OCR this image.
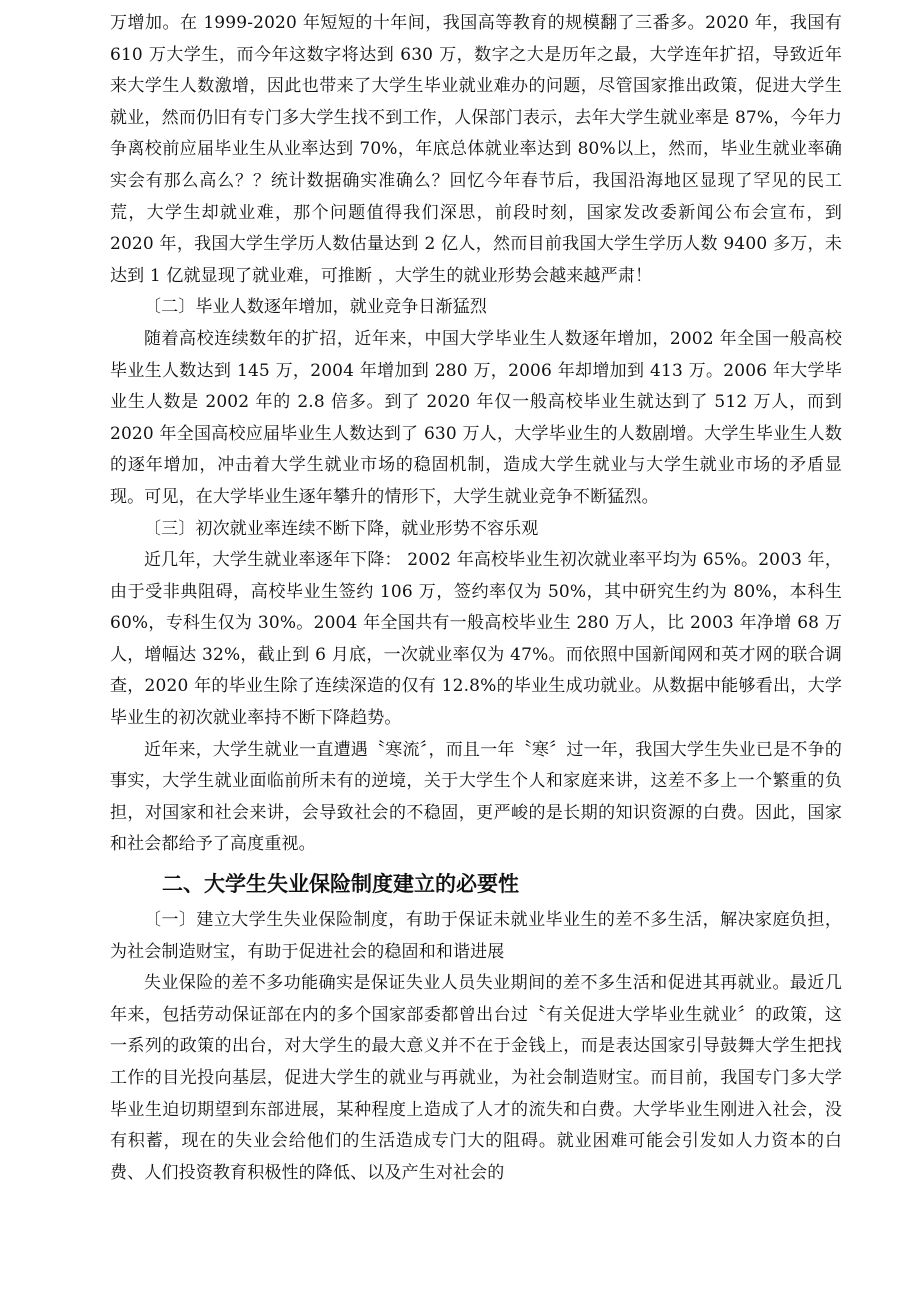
万增加。在 1999-2020 年短短的十年间，我国高等教育的规模翻了三番多。2020 年，我国有 610 万大学生，而今年这数字将达到 630 万，数字之大是历年之最，大学连年扩招，导致近年来大学生人数激增，因此也带来了大学生毕业就业难办的问题，尽管国家推出政策，促进大学生就业，然而仍旧有专门多大学生找不到工作，人保部门表示，去年大学生就业率是 87%，今年力争离校前应届毕业生从业率达到 70%，年底总体就业率达到 80%以上，然而，毕业生就业率确实会有那么高么？？统计数据确实准确么？回忆今年春节后，我国沿海地区显现了罕见的民工荒，大学生却就业难，那个问题值得我们深思，前段时刻，国家发改委新闻公布会宣布，到 2020 年，我国大学生学历人数估量达到 2 亿人，然而目前我国大学生学历人数 9400 多万，未达到 1 亿就显现了就业难，可推断 ，大学生的就业形势会越来越严肃！

〔二〕毕业人数逐年增加，就业竞争日渐猛烈

随着高校连续数年的扩招，近年来，中国大学毕业生人数逐年增加，2002 年全国一般高校毕业生人数达到 145 万，2004 年增加到 280 万，2006 年却增加到 413 万。2006 年大学毕业生人数是 2002 年的 2.8 倍多。到了 2020 年仅一般高校毕业生就达到了 512 万人，而到 2020 年全国高校应届毕业生人数达到了 630 万人，大学毕业生的人数剧增。大学生毕业生人数的逐年增加，冲击着大学生就业市场的稳固机制，造成大学生就业与大学生就业市场的矛盾显现。可见，在大学毕业生逐年攀升的情形下，大学生就业竞争不断猛烈。

〔三〕初次就业率连续不断下降，就业形势不容乐观

近几年，大学生就业率逐年下降： 2002 年高校毕业生初次就业率平均为 65%。2003 年，由于受非典阻碍，高校毕业生签约 106 万，签约率仅为 50%，其中研究生约为 80%，本科生 60%，专科生仅为 30%。2004 年全国共有一般高校毕业生 280 万人，比 2003 年净增 68 万人，增幅达 32%，截止到 6 月底，一次就业率仅为 47%。而依照中国新闻网和英才网的联合调查，2020 年的毕业生除了连续深造的仅有 12.8%的毕业生成功就业。从数据中能够看出，大学毕业生的初次就业率持不断下降趋势。

近年来，大学生就业一直遭遇〝寒流〞，而且一年〝寒〞过一年，我国大学生失业已是不争的事实，大学生就业面临前所未有的逆境，关于大学生个人和家庭来讲，这差不多上一个繁重的负担，对国家和社会来讲，会导致社会的不稳固，更严峻的是长期的知识资源的白费。因此，国家和社会都给予了高度重视。

二、大学生失业保险制度建立的必要性

〔一〕建立大学生失业保险制度，有助于保证未就业毕业生的差不多生活，解决家庭负担，为社会制造财宝，有助于促进社会的稳固和和谐进展

失业保险的差不多功能确实是保证失业人员失业期间的差不多生活和促进其再就业。最近几年来，包括劳动保证部在内的多个国家部委都曾出台过〝有关促进大学毕业生就业〞的政策，这一系列的政策的出台，对大学生的最大意义并不在于金钱上，而是表达国家引导鼓舞大学生把找工作的目光投向基层，促进大学生的就业与再就业，为社会制造财宝。而目前，我国专门多大学毕业生迫切期望到东部进展，某种程度上造成了人才的流失和白费。大学毕业生刚进入社会，没有积蓄，现在的失业会给他们的生活造成专门大的阻碍。就业困难可能会引发如人力资本的白费、人们投资教育积极性的降低、以及产生对社会的
